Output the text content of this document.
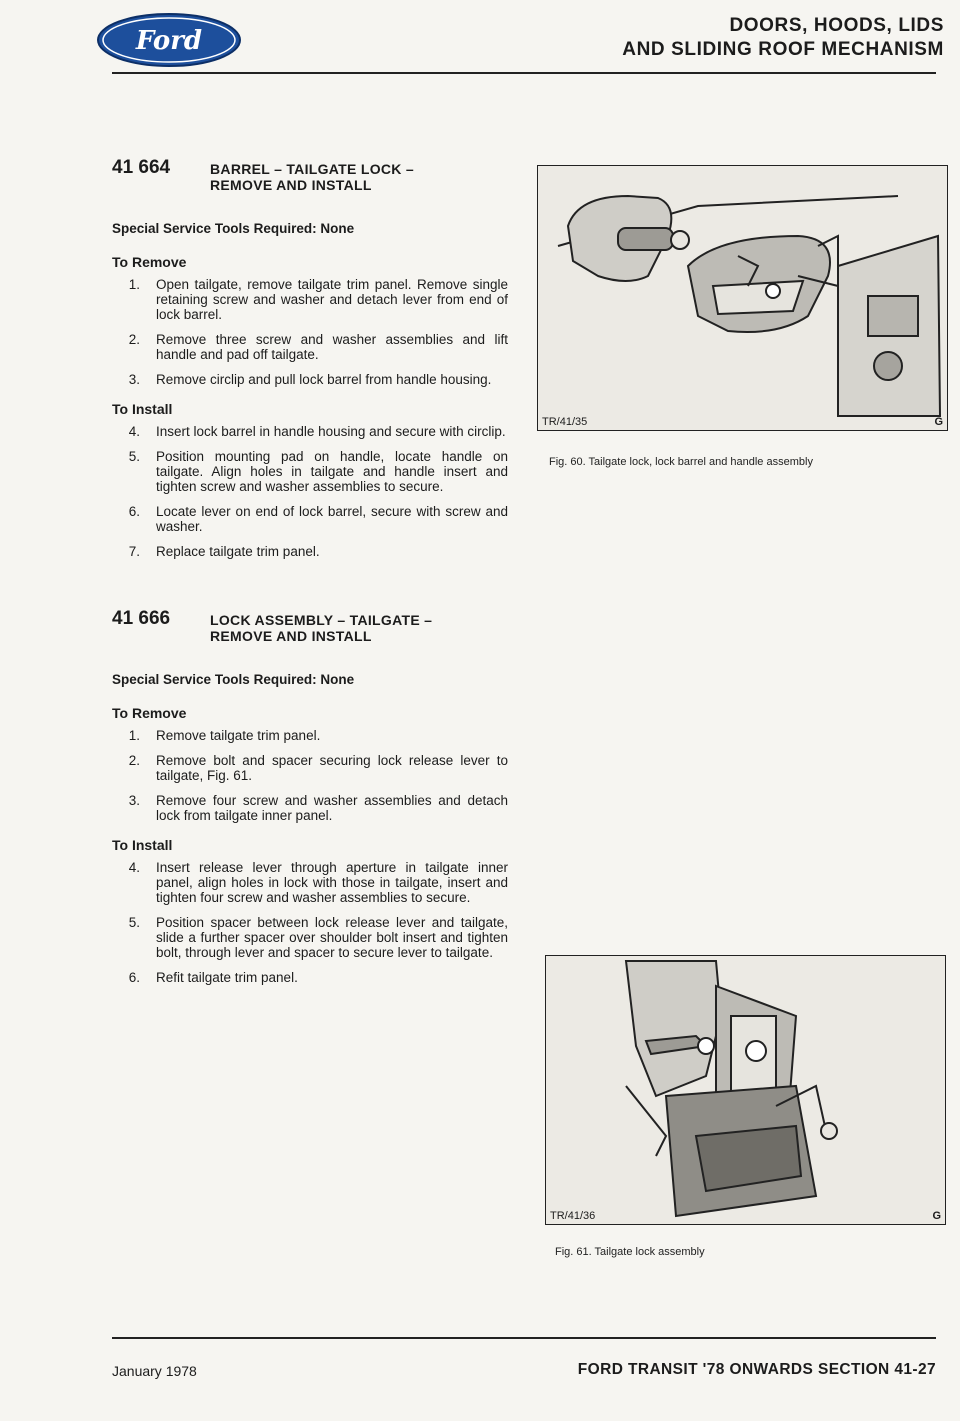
Ford
DOORS, HOODS, LIDS
AND SLIDING ROOF MECHANISM
41 664	BARREL – TAILGATE LOCK –
REMOVE AND INSTALL
Special Service Tools Required: None
To Remove
1.	Open tailgate, remove tailgate trim panel. Remove single retaining screw and washer and detach lever from end of lock barrel.
2.	Remove three screw and washer assemblies and lift handle and pad off tailgate.
3.	Remove circlip and pull lock barrel from handle housing.
To Install
4.	Insert lock barrel in handle housing and secure with circlip.
5.	Position mounting pad on handle, locate handle on tailgate. Align holes in tailgate and handle insert and tighten screw and washer assemblies to secure.
6.	Locate lever on end of lock barrel, secure with screw and washer.
7.	Replace tailgate trim panel.
41 666	LOCK ASSEMBLY – TAILGATE –
REMOVE AND INSTALL
Special Service Tools Required: None
To Remove
1.	Remove tailgate trim panel.
2.	Remove bolt and spacer securing lock release lever to tailgate, Fig. 61.
3.	Remove four screw and washer assemblies and detach lock from tailgate inner panel.
To Install
4.	Insert release lever through aperture in tailgate inner panel, align holes in lock with those in tailgate, insert and tighten four screw and washer assemblies to secure.
5.	Position spacer between lock release lever and tailgate, slide a further spacer over shoulder bolt insert and tighten bolt, through lever and spacer to secure lever to tailgate.
6.	Refit tailgate trim panel.
TR/41/35	G
Fig. 60. Tailgate lock, lock barrel and handle assembly
TR/41/36	G
Fig. 61. Tailgate lock assembly
January 1978	FORD TRANSIT '78 ONWARDS SECTION 41-27
